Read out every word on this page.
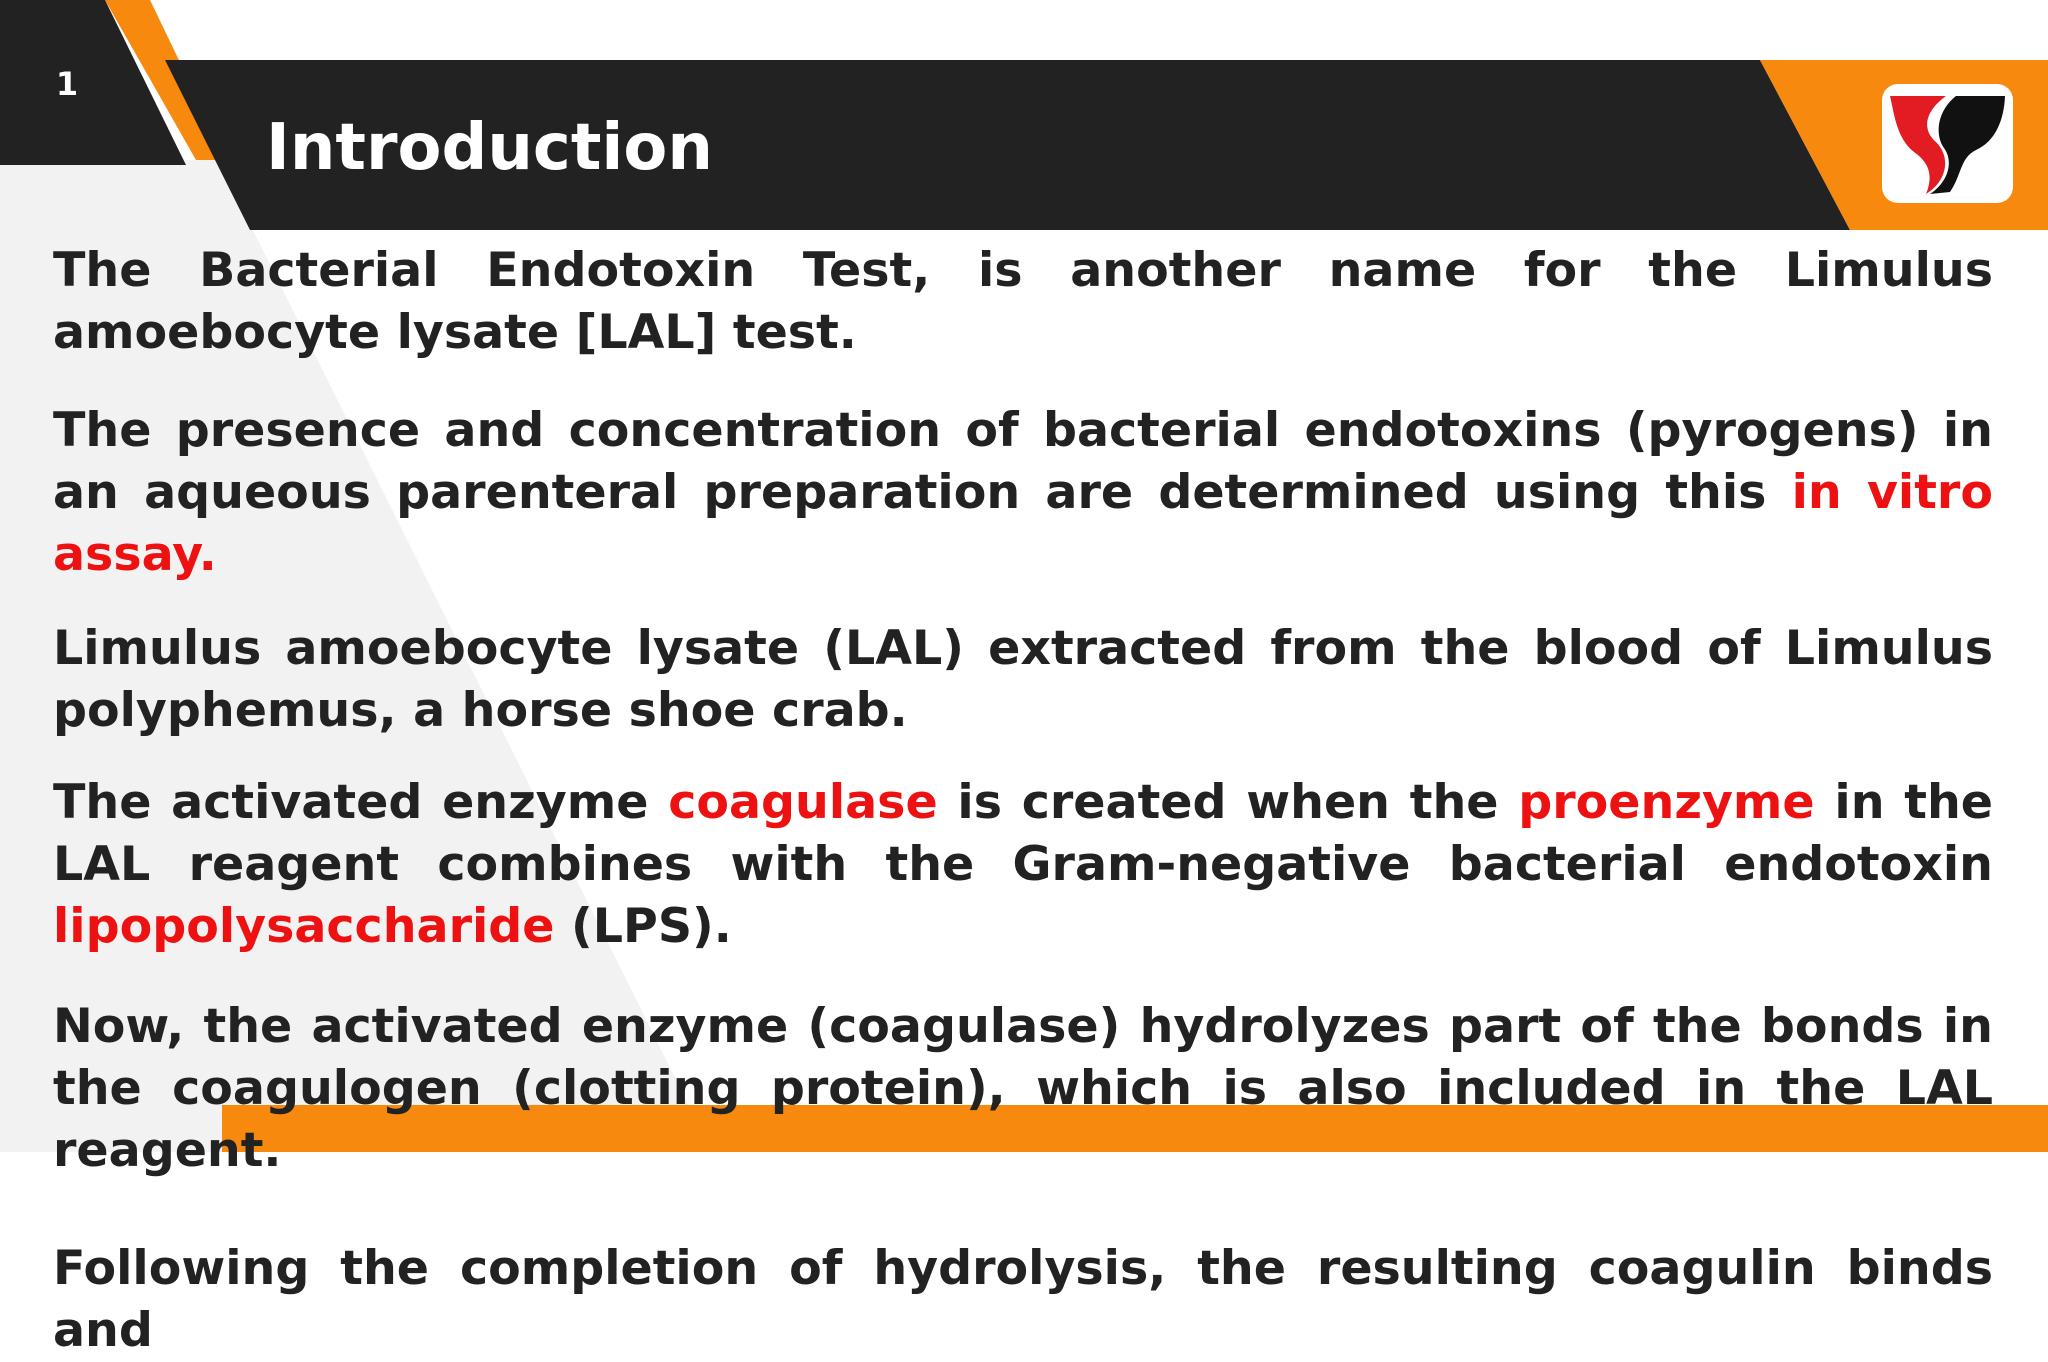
1
Introduction

The Bacterial Endotoxin Test, is another name for the Limulus amoebocyte lysate [LAL] test.

The presence and concentration of bacterial endotoxins (pyrogens) in an aqueous parenteral preparation are determined using this in vitro assay.

Limulus amoebocyte lysate (LAL) extracted from the blood of Limulus polyphemus, a horse shoe crab.

The activated enzyme coagulase is created when the proenzyme in the LAL reagent combines with the Gram-negative bacterial endotoxin lipopolysaccharide (LPS).

Now, the activated enzyme (coagulase) hydrolyzes part of the bonds in the coagulogen (clotting protein), which is also included in the LAL reagent.

Following the completion of hydrolysis, the resulting coagulin binds and
